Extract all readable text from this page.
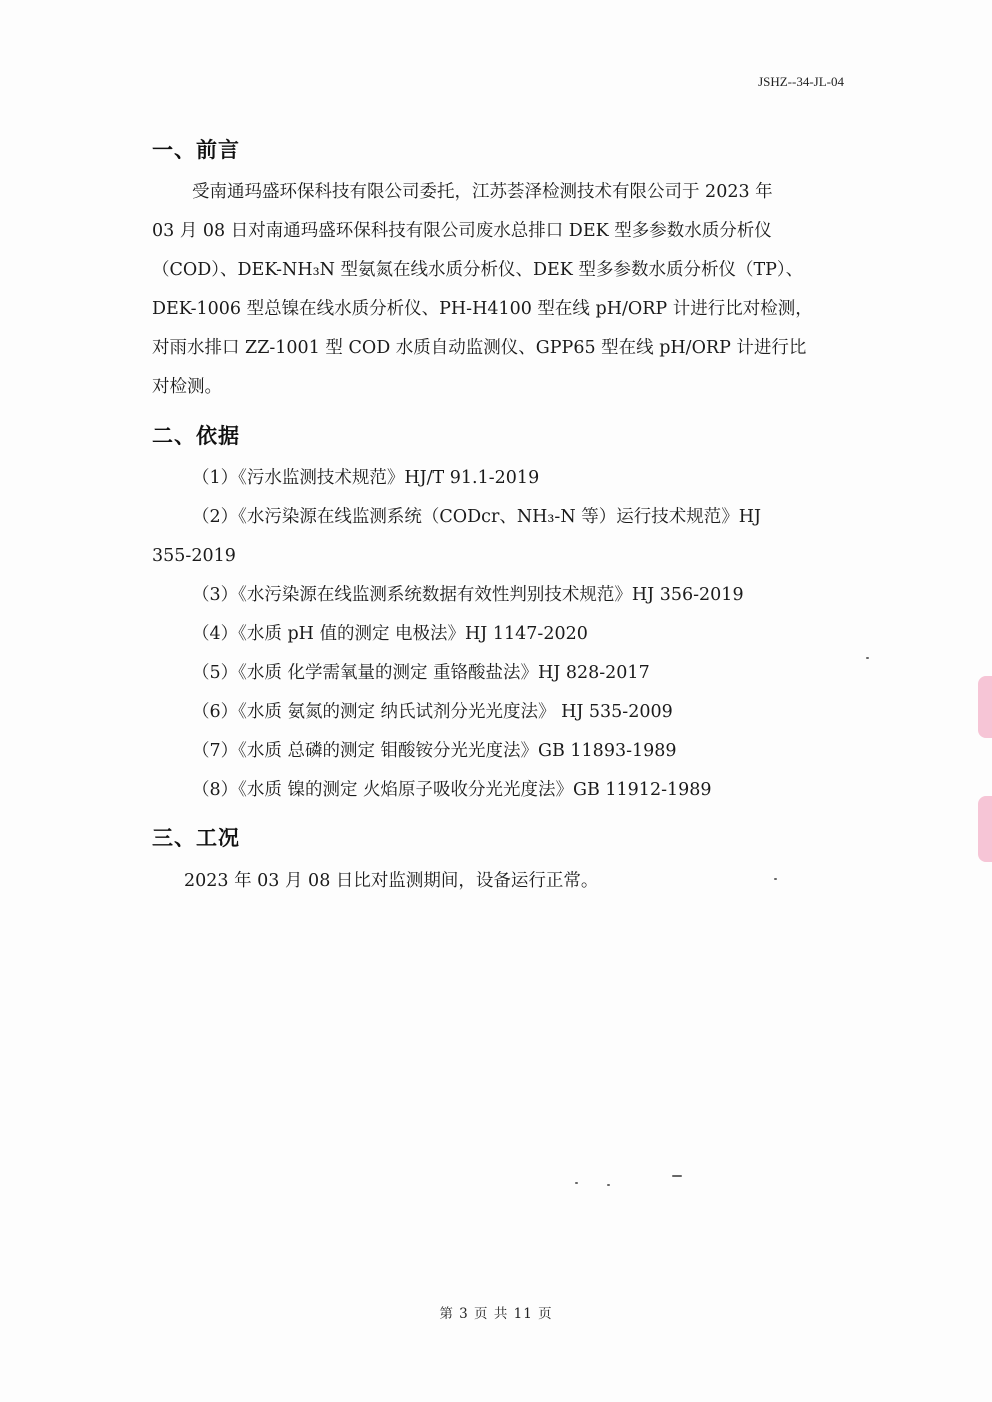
JSHZ--34-JL-04
一、前言
受南通玛盛环保科技有限公司委托，江苏荟泽检测技术有限公司于 2023 年
03 月 08 日对南通玛盛环保科技有限公司废水总排口 DEK 型多参数水质分析仪
（COD）、DEK-NH₃N 型氨氮在线水质分析仪、DEK 型多参数水质分析仪（TP）、
DEK-1006 型总镍在线水质分析仪、PH-H4100 型在线 pH/ORP 计进行比对检测，
对雨水排口 ZZ-1001 型 COD 水质自动监测仪、GPP65 型在线 pH/ORP 计进行比
对检测。
二、依据
（1）《污水监测技术规范》HJ/T 91.1-2019
（2）《水污染源在线监测系统（CODcr、NH₃-N 等）运行技术规范》HJ
355-2019
（3）《水污染源在线监测系统数据有效性判别技术规范》HJ 356-2019
（4）《水质 pH 值的测定 电极法》HJ 1147-2020
（5）《水质 化学需氧量的测定 重铬酸盐法》HJ 828-2017
（6）《水质 氨氮的测定 纳氏试剂分光光度法》 HJ 535-2009
（7）《水质 总磷的测定 钼酸铵分光光度法》GB 11893-1989
（8）《水质 镍的测定 火焰原子吸收分光光度法》GB 11912-1989
三、工况
2023 年 03 月 08 日比对监测期间，设备运行正常。
第 3 页 共 11 页
